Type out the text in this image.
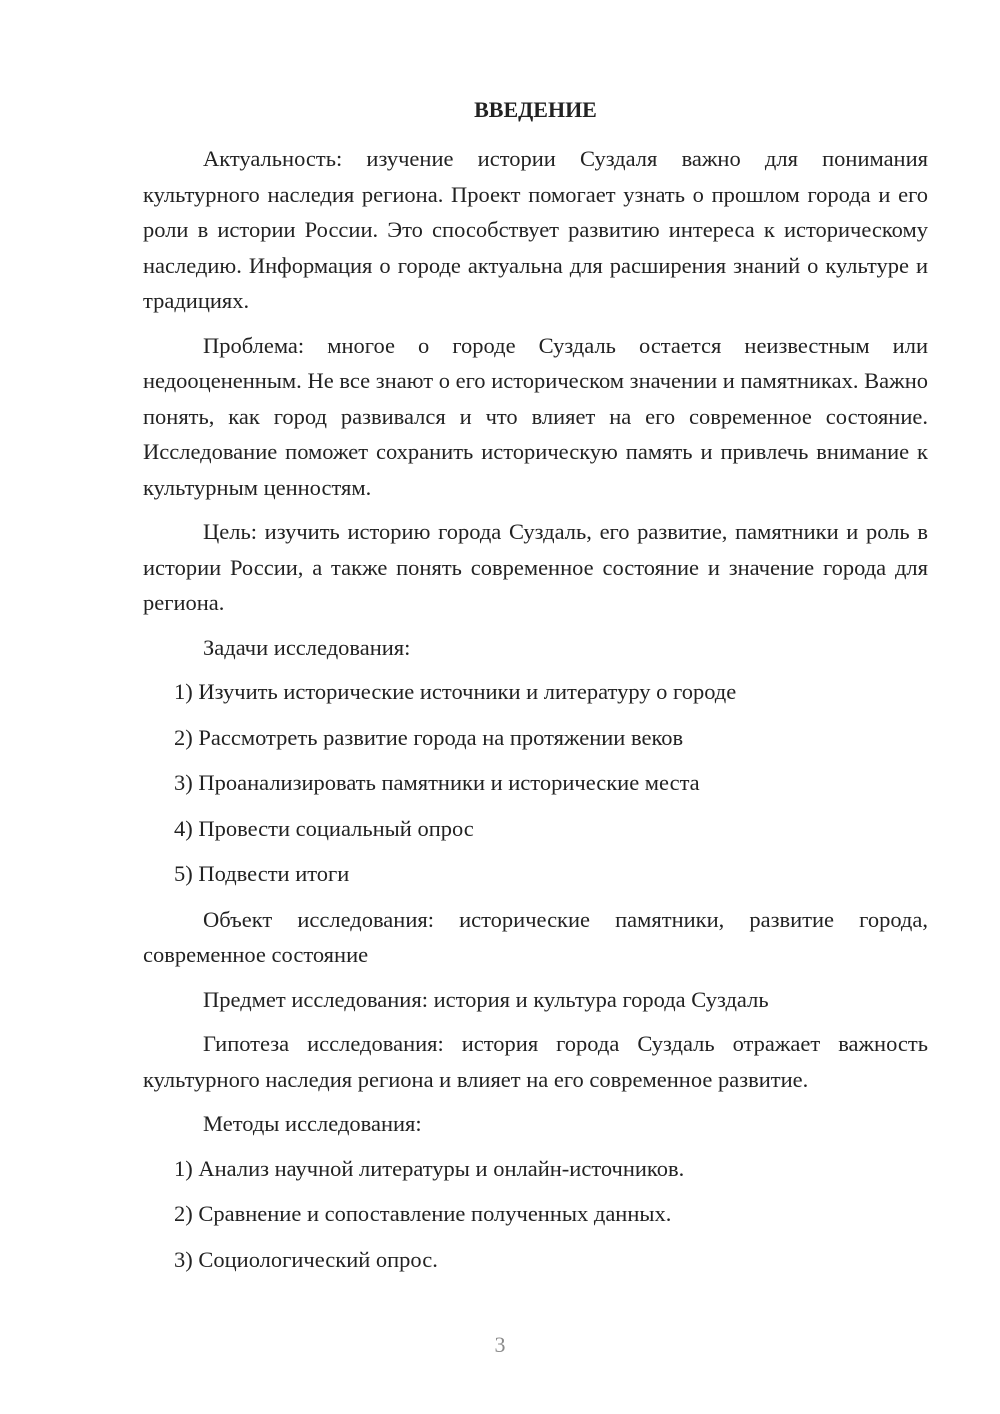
ВВЕДЕНИЕ

Актуальность: изучение истории Суздаля важно для понимания культурного наследия региона. Проект помогает узнать о прошлом города и его роли в истории России. Это способствует развитию интереса к историческому наследию. Информация о городе актуальна для расширения знаний о культуре и традициях.

Проблема: многое о городе Суздаль остается неизвестным или недооцененным. Не все знают о его историческом значении и памятниках. Важно понять, как город развивался и что влияет на его современное состояние. Исследование поможет сохранить историческую память и привлечь внимание к культурным ценностям.

Цель: изучить историю города Суздаль, его развитие, памятники и роль в истории России, а также понять современное состояние и значение города для региона.

Задачи исследования:

1) Изучить исторические источники и литературу о городе
2) Рассмотреть развитие города на протяжении веков
3) Проанализировать памятники и исторические места
4) Провести социальный опрос
5) Подвести итоги

Объект исследования: исторические памятники, развитие города, современное состояние

Предмет исследования: история и культура города Суздаль

Гипотеза исследования: история города Суздаль отражает важность культурного наследия региона и влияет на его современное развитие.

Методы исследования:

1) Анализ научной литературы и онлайн-источников.
2) Сравнение и сопоставление полученных данных.
3) Социологический опрос.
3
